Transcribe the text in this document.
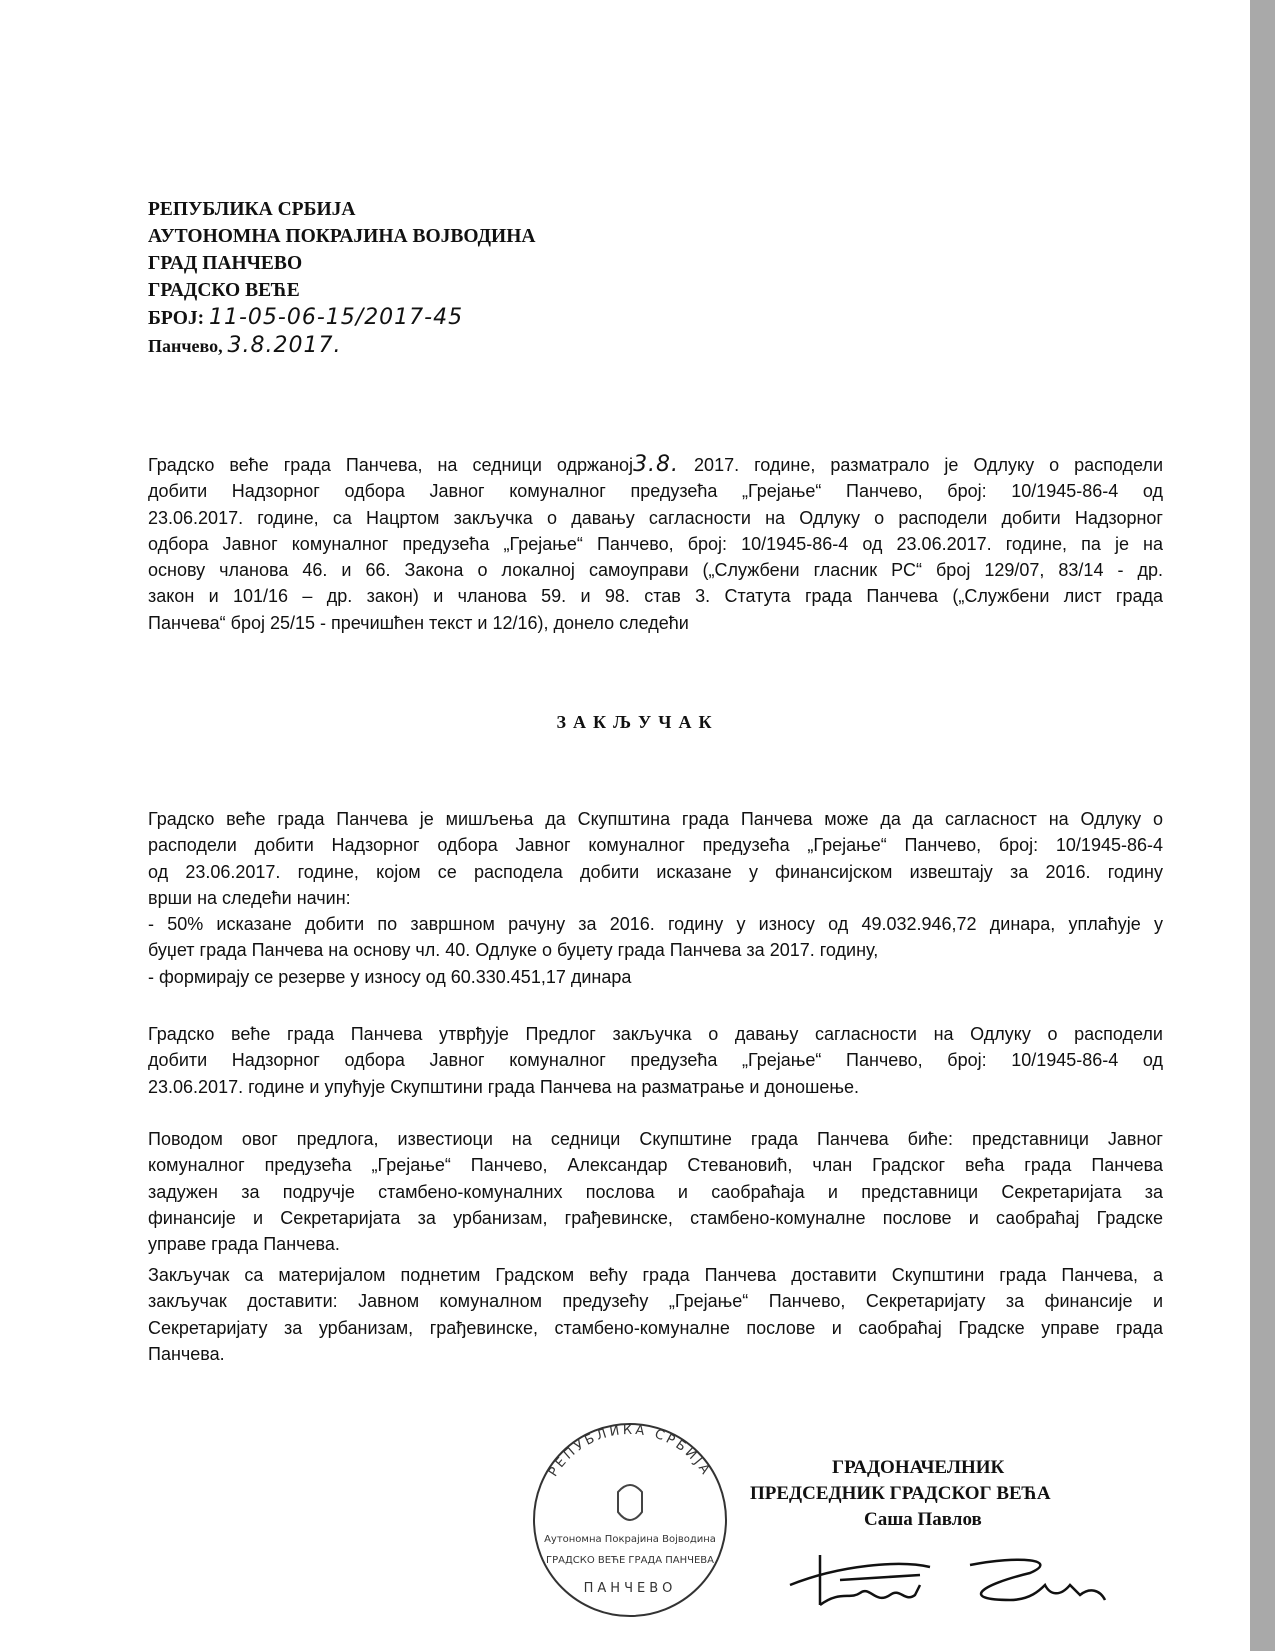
РЕПУБЛИКА СРБИЈА
АУТОНОМНА ПОКРАЈИНА ВОЈВОДИНА
ГРАД ПАНЧЕВО
ГРАДСКО ВЕЋЕ
БРОЈ: 11-05-06-15/2017-45
Панчево, 3.8.2017.
Градско веће града Панчева, на седници одржаној3.8. 2017. године, разматрало је Одлуку о расподели
добити Надзорног одбора Јавног комуналног предузећа „Грејање“ Панчево, број: 10/1945-86-4 од
23.06.2017. године, са Нацртом закључка о давању сагласности на Одлуку о расподели добити Надзорног
одбора Јавног комуналног предузећа „Грејање“ Панчево, број: 10/1945-86-4 од 23.06.2017. године, па је на
основу чланова 46. и 66. Закона о локалној самоуправи („Службени гласник РС“ број 129/07, 83/14 - др.
закон и 101/16 – др. закон) и чланова 59. и 98. став 3. Статута града Панчева („Службени лист града
Панчева“ број 25/15 - пречишћен текст и 12/16), донело следећи
ЗАКЉУЧАК
Градско веће града Панчева је мишљења да Скупштина града Панчева може да да сагласност на Одлуку о
расподели добити Надзорног одбора Јавног комуналног предузећа „Грејање“ Панчево, број: 10/1945-86-4
од 23.06.2017. године, којом се расподела добити исказане у финансијском извештају за 2016. годину
врши на следећи начин:
- 50% исказане добити по завршном рачуну за 2016. годину у износу од 49.032.946,72 динара, уплаћује у
буџет града Панчева на основу чл. 40. Одлуке о буџету града Панчева за 2017. годину,
- формирају се резерве у износу од 60.330.451,17 динара
Градско веће града Панчева утврђује Предлог закључка о давању сагласности на Одлуку о расподели
добити Надзорног одбора Јавног комуналног предузећа „Грејање“ Панчево, број: 10/1945-86-4 од
23.06.2017. године и упућује Скупштини града Панчева на разматрање и доношење.
Поводом овог предлога, известиоци на седници Скупштине града Панчева биће: представници Јавног
комуналног предузећа „Грејање“ Панчево, Александар Стевановић, члан Градског већа града Панчева
задужен за подручје стамбено-комуналних послова и саобраћаја и представници Секретаријата за
финансије и Секретаријата за урбанизам, грађевинске, стамбено-комуналне послове и саобраћај Градске
управе града Панчева.
Закључак са материјалом поднетим Градском већу града Панчева доставити Скупштини града Панчева, а
закључак доставити: Јавном комуналном предузећу „Грејање“ Панчево, Секретаријату за финансије и
Секретаријату за урбанизам, грађевинске, стамбено-комуналне послове и саобраћај Градске управе града
Панчева.
РЕПУБЛИКА СРБИЈА
Аутономна Покрајина Војводина
ГРАДСКО ВЕЋЕ ГРАДА ПАНЧЕВА
ПАНЧЕВО
ГРАДОНАЧЕЛНИК
ПРЕДСЕДНИК ГРАДСКОГ ВЕЋА
Саша Павлов
